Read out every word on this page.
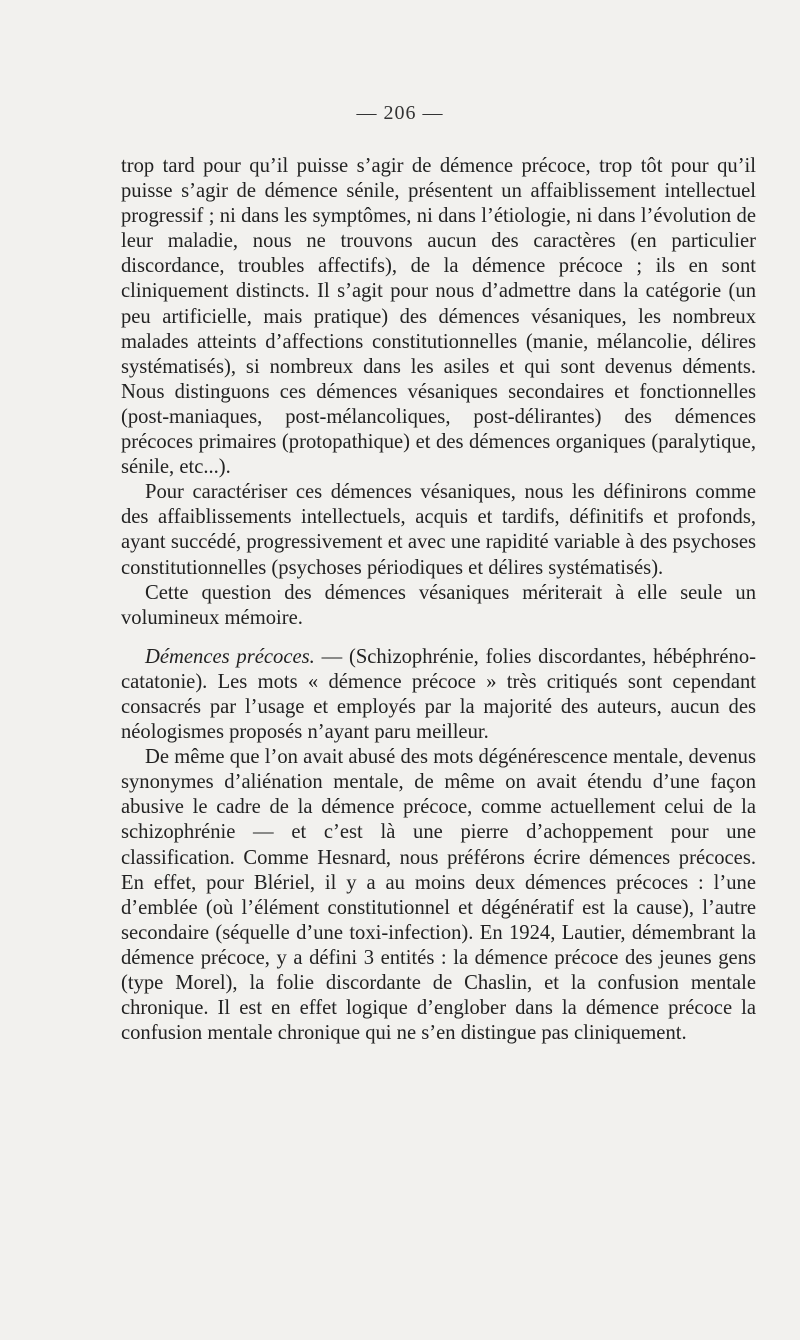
— 206 —

trop tard pour qu’il puisse s’agir de démence précoce, trop tôt pour qu’il puisse s’agir de démence sénile, présentent un affaiblissement intellectuel progressif ; ni dans les symptômes, ni dans l’étiologie, ni dans l’évolution de leur maladie, nous ne trouvons aucun des caractères (en particulier discordance, troubles affectifs), de la démence précoce ; ils en sont cliniquement distincts. Il s’agit pour nous d’admettre dans la catégorie (un peu artificielle, mais pratique) des démences vésaniques, les nombreux malades atteints d’affections constitutionnelles (manie, mélancolie, délires systématisés), si nombreux dans les asiles et qui sont devenus déments. Nous distinguons ces démences vésaniques secondaires et fonctionnelles (post-maniaques, post-mélancoliques, post-délirantes) des démences précoces primaires (protopathique) et des démences organiques (paralytique, sénile, etc...).

Pour caractériser ces démences vésaniques, nous les définirons comme des affaiblissements intellectuels, acquis et tardifs, définitifs et profonds, ayant succédé, progressivement et avec une rapidité variable à des psychoses constitutionnelles (psychoses périodiques et délires systématisés).

Cette question des démences vésaniques mériterait à elle seule un volumineux mémoire.

Démences précoces. — (Schizophrénie, folies discordantes, hébéphréno-catatonie). Les mots « démence précoce » très critiqués sont cependant consacrés par l’usage et employés par la majorité des auteurs, aucun des néologismes proposés n’ayant paru meilleur.

De même que l’on avait abusé des mots dégénérescence mentale, devenus synonymes d’aliénation mentale, de même on avait étendu d’une façon abusive le cadre de la démence précoce, comme actuellement celui de la schizophrénie — et c’est là une pierre d’achoppement pour une classification. Comme Hesnard, nous préférons écrire démences précoces. En effet, pour Blériel, il y a au moins deux démences précoces : l’une d’emblée (où l’élément constitutionnel et dégénératif est la cause), l’autre secondaire (séquelle d’une toxi-infection). En 1924, Lautier, démembrant la démence précoce, y a défini 3 entités : la démence précoce des jeunes gens (type Morel), la folie discordante de Chaslin, et la confusion mentale chronique. Il est en effet logique d’englober dans la démence précoce la confusion mentale chronique qui ne s’en distingue pas cliniquement.
